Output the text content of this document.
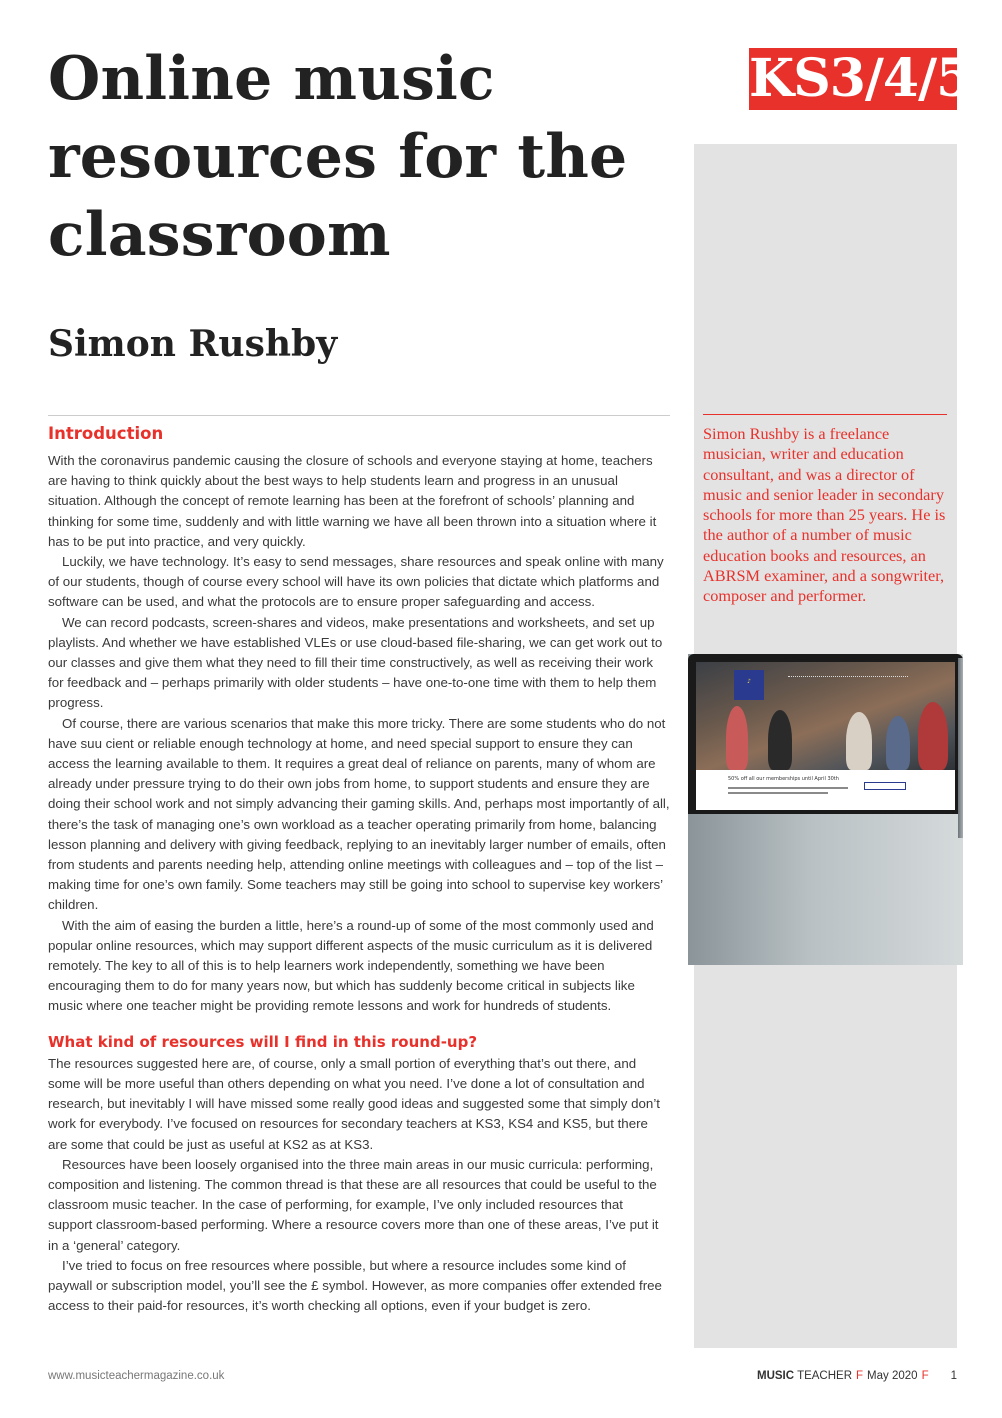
Online music resources for the classroom
Simon Rushby
KS3/4/5

Simon Rushby is a freelance musician, writer and education consultant, and was a director of music and senior leader in secondary schools for more than 25 years. He is the author of a number of music education books and resources, an ABRSM examiner, and a songwriter, composer and performer.

♪
50% off all our memberships until April 30th
Introduction

With the coronavirus pandemic causing the closure of schools and everyone staying at home, teachers are having to think quickly about the best ways to help students learn and progress in an unusual situation. Although the concept of remote learning has been at the forefront of schools’ planning and thinking for some time, suddenly and with little warning we have all been thrown into a situation where it has to be put into practice, and very quickly.

Luckily, we have technology. It’s easy to send messages, share resources and speak online with many of our students, though of course every school will have its own policies that dictate which platforms and software can be used, and what the protocols are to ensure proper safeguarding and access.

We can record podcasts, screen-shares and videos, make presentations and worksheets, and set up playlists. And whether we have established VLEs or use cloud-based file-sharing, we can get work out to our classes and give them what they need to fill their time constructively, as well as receiving their work for feedback and – perhaps primarily with older students – have one-to-one time with them to help them progress.

Of course, there are various scenarios that make this more tricky. There are some students who do not have suu cient or reliable enough technology at home, and need special support to ensure they can access the learning available to them. It requires a great deal of reliance on parents, many of whom are already under pressure trying to do their own jobs from home, to support students and ensure they are doing their school work and not simply advancing their gaming skills. And, perhaps most importantly of all, there’s the task of managing one’s own workload as a teacher operating primarily from home, balancing lesson planning and delivery with giving feedback, replying to an inevitably larger number of emails, often from students and parents needing help, attending online meetings with colleagues and – top of the list – making time for one’s own family. Some teachers may still be going into school to supervise key workers’ children.

With the aim of easing the burden a little, here’s a round-up of some of the most commonly used and popular online resources, which may support different aspects of the music curriculum as it is delivered remotely. The key to all of this is to help learners work independently, something we have been encouraging them to do for many years now, but which has suddenly become critical in subjects like music where one teacher might be providing remote lessons and work for hundreds of students.

What kind of resources will I find in this round-up?

The resources suggested here are, of course, only a small portion of everything that’s out there, and some will be more useful than others depending on what you need. I’ve done a lot of consultation and research, but inevitably I will have missed some really good ideas and suggested some that simply don’t work for everybody. I’ve focused on resources for secondary teachers at KS3, KS4 and KS5, but there are some that could be just as useful at KS2 as at KS3.

Resources have been loosely organised into the three main areas in our music curricula: performing, composition and listening. The common thread is that these are all resources that could be useful to the classroom music teacher. In the case of performing, for example, I’ve only included resources that support classroom-based performing. Where a resource covers more than one of these areas, I’ve put it in a ‘general’ category.

I’ve tried to focus on free resources where possible, but where a resource includes some kind of paywall or subscription model, you’ll see the £ symbol. However, as more companies offer extended free access to their paid-for resources, it’s worth checking all options, even if your budget is zero.

www.musicteachermagazine.co.uk	MUSIC TEACHER F May 2020 F 1
